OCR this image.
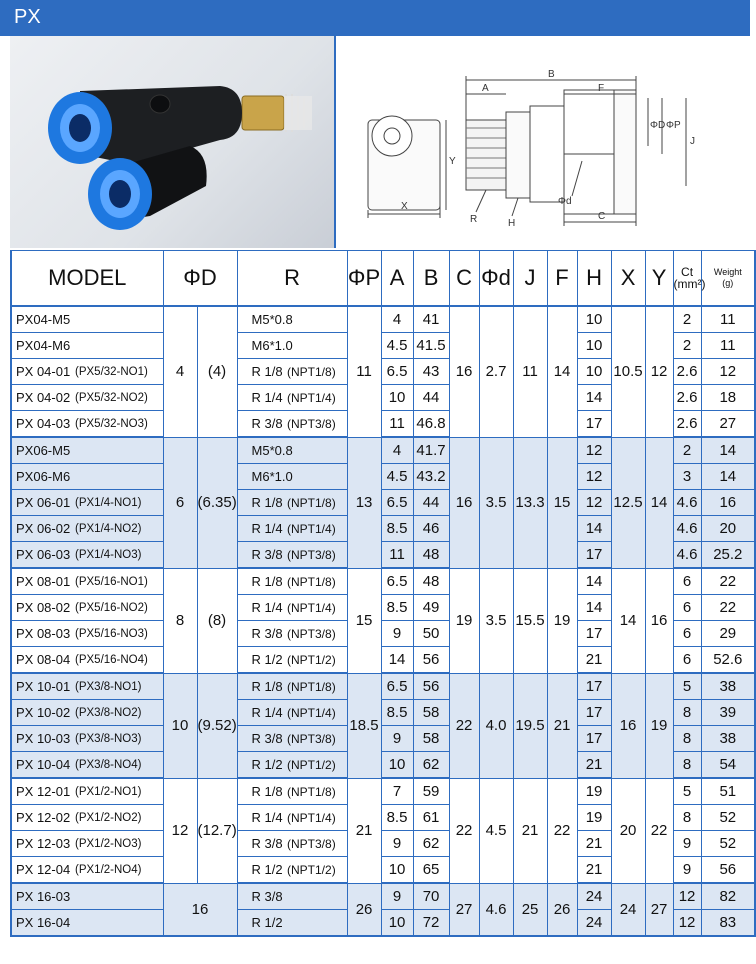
PX
X
Y
B
A	F
C
R	H
Φd
ΦD ΦP
J
MODEL		ΦD		R		ΦP	A	B	C	Φd	J	F	H	X	Y	Ct
(mm²)	Weight
(g)
PX04-M5		4	(4)	M5*0.8		11	4	41	16	2.7	11	14	10	10.5	12	2	11
PX04-M6				M6*1.0			4.5	41.5					10			2	11
PX 04-01	(PX5/32-NO1)			R 1/8	(NPT1/8)		6.5	43					10			2.6	12
PX 04-02	(PX5/32-NO2)			R 1/4	(NPT1/4)		10	44					14			2.6	18
PX 04-03	(PX5/32-NO3)			R 3/8	(NPT3/8)		11	46.8					17			2.6	27
PX06-M5		6	(6.35)	M5*0.8		13	4	41.7	16	3.5	13.3	15	12	12.5	14	2	14
PX06-M6				M6*1.0			4.5	43.2					12			3	14
PX 06-01	(PX1/4-NO1)			R 1/8	(NPT1/8)		6.5	44					12			4.6	16
PX 06-02	(PX1/4-NO2)			R 1/4	(NPT1/4)		8.5	46					14			4.6	20
PX 06-03	(PX1/4-NO3)			R 3/8	(NPT3/8)		11	48					17			4.6	25.2
PX 08-01	(PX5/16-NO1)	8	(8)	R 1/8	(NPT1/8)	15	6.5	48	19	3.5	15.5	19	14	14	16	6	22
PX 08-02	(PX5/16-NO2)			R 1/4	(NPT1/4)		8.5	49					14			6	22
PX 08-03	(PX5/16-NO3)			R 3/8	(NPT3/8)		9	50					17			6	29
PX 08-04	(PX5/16-NO4)			R 1/2	(NPT1/2)		14	56					21			6	52.6
PX 10-01	(PX3/8-NO1)	10	(9.52)	R 1/8	(NPT1/8)	18.5	6.5	56	22	4.0	19.5	21	17	16	19	5	38
PX 10-02	(PX3/8-NO2)			R 1/4	(NPT1/4)		8.5	58					17			8	39
PX 10-03	(PX3/8-NO3)			R 3/8	(NPT3/8)		9	58					17			8	38
PX 10-04	(PX3/8-NO4)			R 1/2	(NPT1/2)		10	62					21			8	54
PX 12-01	(PX1/2-NO1)	12	(12.7)	R 1/8	(NPT1/8)	21	7	59	22	4.5	21	22	19	20	22	5	51
PX 12-02	(PX1/2-NO2)			R 1/4	(NPT1/4)		8.5	61					19			8	52
PX 12-03	(PX1/2-NO3)			R 3/8	(NPT3/8)		9	62					21			9	52
PX 12-04	(PX1/2-NO4)			R 1/2	(NPT1/2)		10	65					21			9	56
PX 16-03		16		R 3/8		26	9	70	27	4.6	25	26	24	24	27	12	82
PX 16-04				R 1/2			10	72					24			12	83
